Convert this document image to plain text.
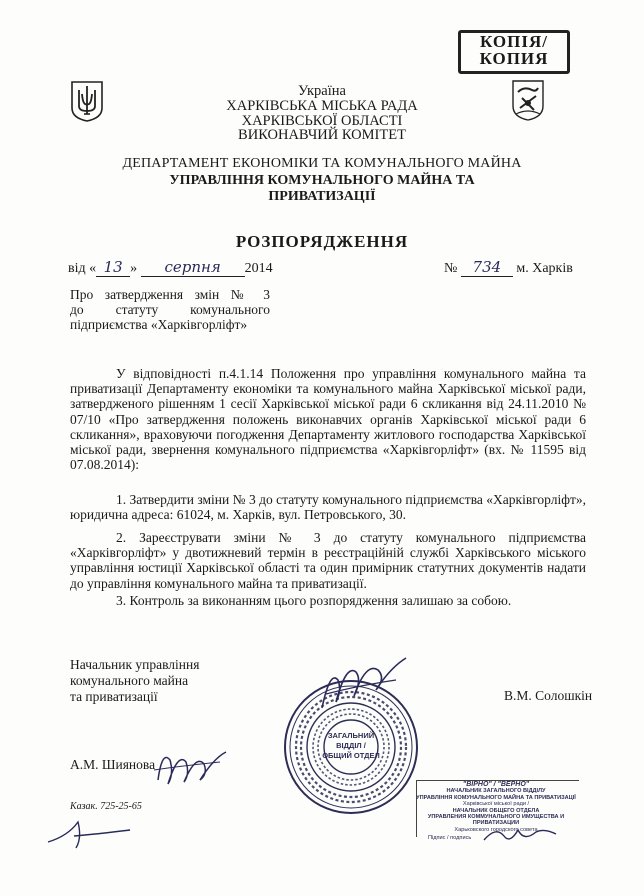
КОПІЯ/
КОПИЯ
Україна
ХАРКІВСЬКА МІСЬКА РАДА
ХАРКІВСЬКОЇ ОБЛАСТІ
ВИКОНАВЧИЙ КОМІТЕТ
ДЕПАРТАМЕНТ ЕКОНОМІКИ ТА КОМУНАЛЬНОГО МАЙНА
УПРАВЛІННЯ КОМУНАЛЬНОГО МАЙНА ТА
ПРИВАТИЗАЦІЇ
РОЗПОРЯДЖЕННЯ
від « 13 » серпня 2014	№ 734 м. Харків
Про затвердження змін № 3
до статуту комунального
підприємства «Харківгорліфт»
У відповідності п.4.1.14 Положення про управління комунального майна та приватизації Департаменту економіки та комунального майна Харківської міської ради, затвердженого рішенням 1 сесії Харківської міської ради 6 скликання від 24.11.2010 № 07/10 «Про затвердження положень виконавчих органів Харківської міської ради 6 скликання», враховуючи погодження Департаменту житлового господарства Харківської міської ради, звернення комунального підприємства «Харківгорліфт» (вх. № 11595 від 07.08.2014):
1. Затвердити зміни № 3 до статуту комунального підприємства «Харківгорліфт», юридична адреса: 61024, м. Харків, вул. Петровського, 30.
2. Зареєструвати зміни № 3 до статуту комунального підприємства «Харківгорліфт» у двотижневий термін в реєстраційній службі Харківського міського управління юстиції Харківської області та один примірник статутних документів надати до управління комунального майна та приватизації.
3. Контроль за виконанням цього розпорядження залишаю за собою.
Начальник управління
комунального майна
та приватизації	В.М. Солошкін
ЗАГАЛЬНИЙ
ВІДДІЛ /
ОБЩИЙ ОТДЕЛ
А.М. Шиянова
Казак. 725-25-65
"ВІРНО" / "ВЕРНО"
НАЧАЛЬНИК ЗАГАЛЬНОГО ВІДДІЛУ
УПРАВЛІННЯ КОМУНАЛЬНОГО МАЙНА ТА ПРИВАТИЗАЦІЇ
Харківської міської ради /
НАЧАЛЬНИК ОБЩЕГО ОТДЕЛА
УПРАВЛЕНИЯ КОММУНАЛЬНОГО ИМУЩЕСТВА И ПРИВАТИЗАЦИИ
Харьковского городского совета
Підпис / подпись
